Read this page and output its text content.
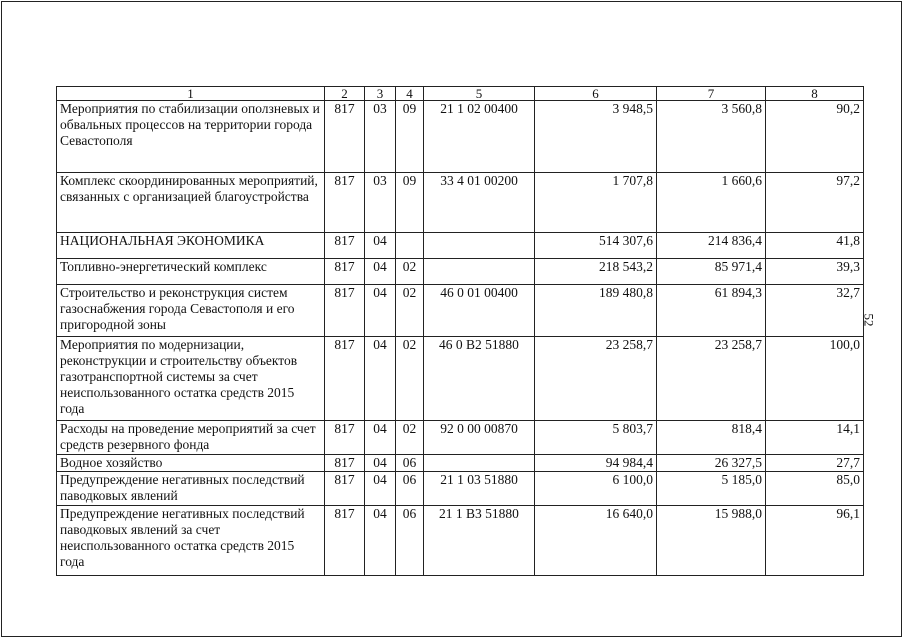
52
1	2	3	4	5	6	7	8
Мероприятия по стабилизации оползневых и обвальных процессов на территории города Севастополя	817	03	09	21 1 02 00400	3 948,5	3 560,8	90,2
Комплекс скоординированных мероприятий, связанных с организацией благоустройства	817	03	09	33 4 01 00200	1 707,8	1 660,6	97,2
НАЦИОНАЛЬНАЯ ЭКОНОМИКА	817	04			514 307,6	214 836,4	41,8
Топливно-энергетический комплекс	817	04	02		218 543,2	85 971,4	39,3
Строительство и реконструкция систем газоснабжения города Севастополя и его пригородной зоны	817	04	02	46 0 01 00400	189 480,8	61 894,3	32,7
Мероприятия по модернизации, реконструкции и строительству объектов газотранспортной системы за счет неиспользованного остатка средств 2015 года	817	04	02	46 0 B2 51880	23 258,7	23 258,7	100,0
Расходы на проведение мероприятий за счет средств резервного фонда	817	04	02	92 0 00 00870	5 803,7	818,4	14,1
Водное хозяйство	817	04	06		94 984,4	26 327,5	27,7
Предупреждение негативных последствий паводковых явлений	817	04	06	21 1 03 51880	6 100,0	5 185,0	85,0
Предупреждение негативных последствий паводковых явлений за счет неиспользованного остатка средств 2015 года	817	04	06	21 1 B3 51880	16 640,0	15 988,0	96,1
